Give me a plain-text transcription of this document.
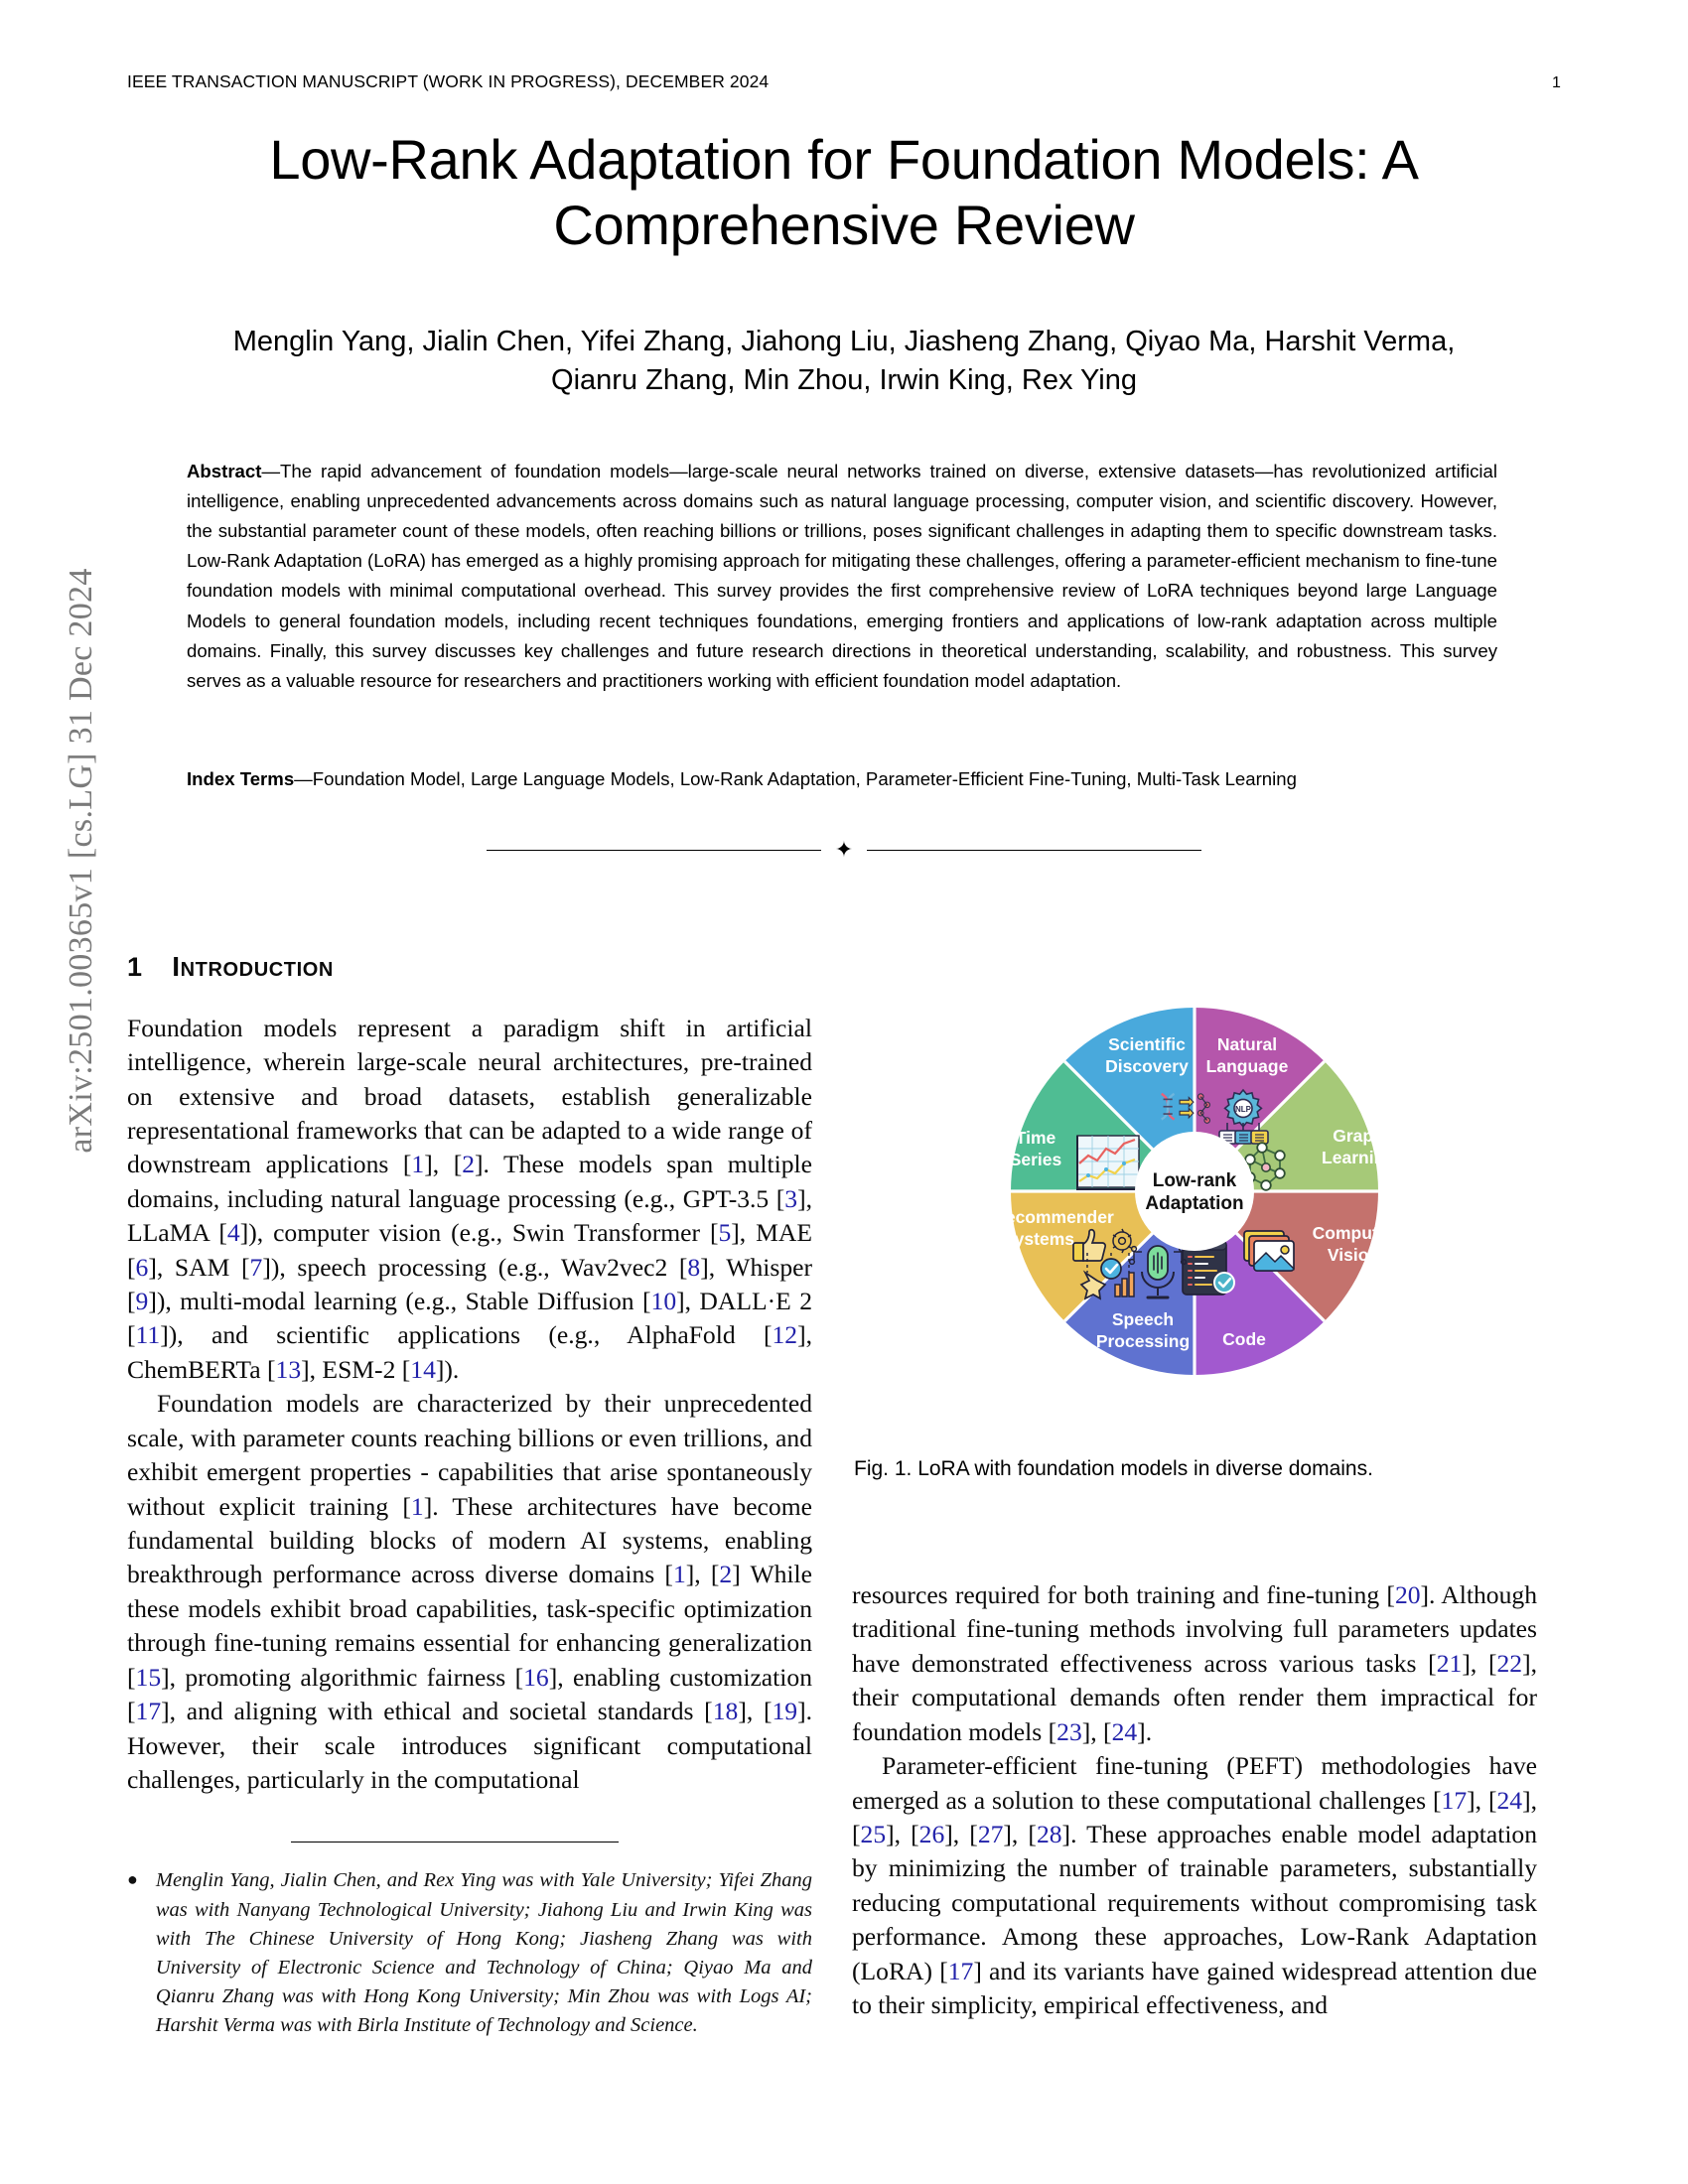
arXiv:2501.00365v1 [cs.LG] 31 Dec 2024
IEEE TRANSACTION MANUSCRIPT (WORK IN PROGRESS), DECEMBER 2024	1
Low-Rank Adaptation for Foundation Models: A Comprehensive Review
Menglin Yang, Jialin Chen, Yifei Zhang, Jiahong Liu, Jiasheng Zhang, Qiyao Ma, Harshit Verma, Qianru Zhang, Min Zhou, Irwin King, Rex Ying
Abstract—The rapid advancement of foundation models—large-scale neural networks trained on diverse, extensive datasets—has revolutionized artificial intelligence, enabling unprecedented advancements across domains such as natural language processing, computer vision, and scientific discovery. However, the substantial parameter count of these models, often reaching billions or trillions, poses significant challenges in adapting them to specific downstream tasks. Low-Rank Adaptation (LoRA) has emerged as a highly promising approach for mitigating these challenges, offering a parameter-efficient mechanism to fine-tune foundation models with minimal computational overhead. This survey provides the first comprehensive review of LoRA techniques beyond large Language Models to general foundation models, including recent techniques foundations, emerging frontiers and applications of low-rank adaptation across multiple domains. Finally, this survey discusses key challenges and future research directions in theoretical understanding, scalability, and robustness. This survey serves as a valuable resource for researchers and practitioners working with efficient foundation model adaptation.
Index Terms—Foundation Model, Large Language Models, Low-Rank Adaptation, Parameter-Efficient Fine-Tuning, Multi-Task Learning
✦
1 Introduction

Foundation models represent a paradigm shift in artificial intelligence, wherein large-scale neural architectures, pre-trained on extensive and broad datasets, establish generalizable representational frameworks that can be adapted to a wide range of downstream applications [1], [2]. These models span multiple domains, including natural language processing (e.g., GPT-3.5 [3], LLaMA [4]), computer vision (e.g., Swin Transformer [5], MAE [6], SAM [7]), speech processing (e.g., Wav2vec2 [8], Whisper [9]), multi-modal learning (e.g., Stable Diffusion [10], DALL·E 2 [11]), and scientific applications (e.g., AlphaFold [12], ChemBERTa [13], ESM-2 [14]).

Foundation models are characterized by their unprecedented scale, with parameter counts reaching billions or even trillions, and exhibit emergent properties - capabilities that arise spontaneously without explicit training [1]. These architectures have become fundamental building blocks of modern AI systems, enabling breakthrough performance across diverse domains [1], [2] While these models exhibit broad capabilities, task-specific optimization through fine-tuning remains essential for enhancing generalization [15], promoting algorithmic fairness [16], enabling customization [17], and aligning with ethical and societal standards [18], [19]. However, their scale introduces significant computational challenges, particularly in the computational

NLP
Low-rank
Adaptation
Scientific
Discovery
Natural
Language
Graph
Learning
Computer
Vision
Code
Speech
Processing
Recommender
Systems
Time
Series
Fig. 1. LoRA with foundation models in diverse domains.

resources required for both training and fine-tuning [20]. Although traditional fine-tuning methods involving full parameters updates have demonstrated effectiveness across various tasks [21], [22], their computational demands often render them impractical for foundation models [23], [24].

Parameter-efficient fine-tuning (PEFT) methodologies have emerged as a solution to these computational challenges [17], [24], [25], [26], [27], [28]. These approaches enable model adaptation by minimizing the number of trainable parameters, substantially reducing computational requirements without compromising task performance. Among these approaches, Low-Rank Adaptation (LoRA) [17] and its variants have gained widespread attention due to their simplicity, empirical effectiveness, and

● Menglin Yang, Jialin Chen, and Rex Ying was with Yale University; Yifei Zhang was with Nanyang Technological University; Jiahong Liu and Irwin King was with The Chinese University of Hong Kong; Jiasheng Zhang was with University of Electronic Science and Technology of China; Qiyao Ma and Qianru Zhang was with Hong Kong University; Min Zhou was with Logs AI; Harshit Verma was with Birla Institute of Technology and Science.
